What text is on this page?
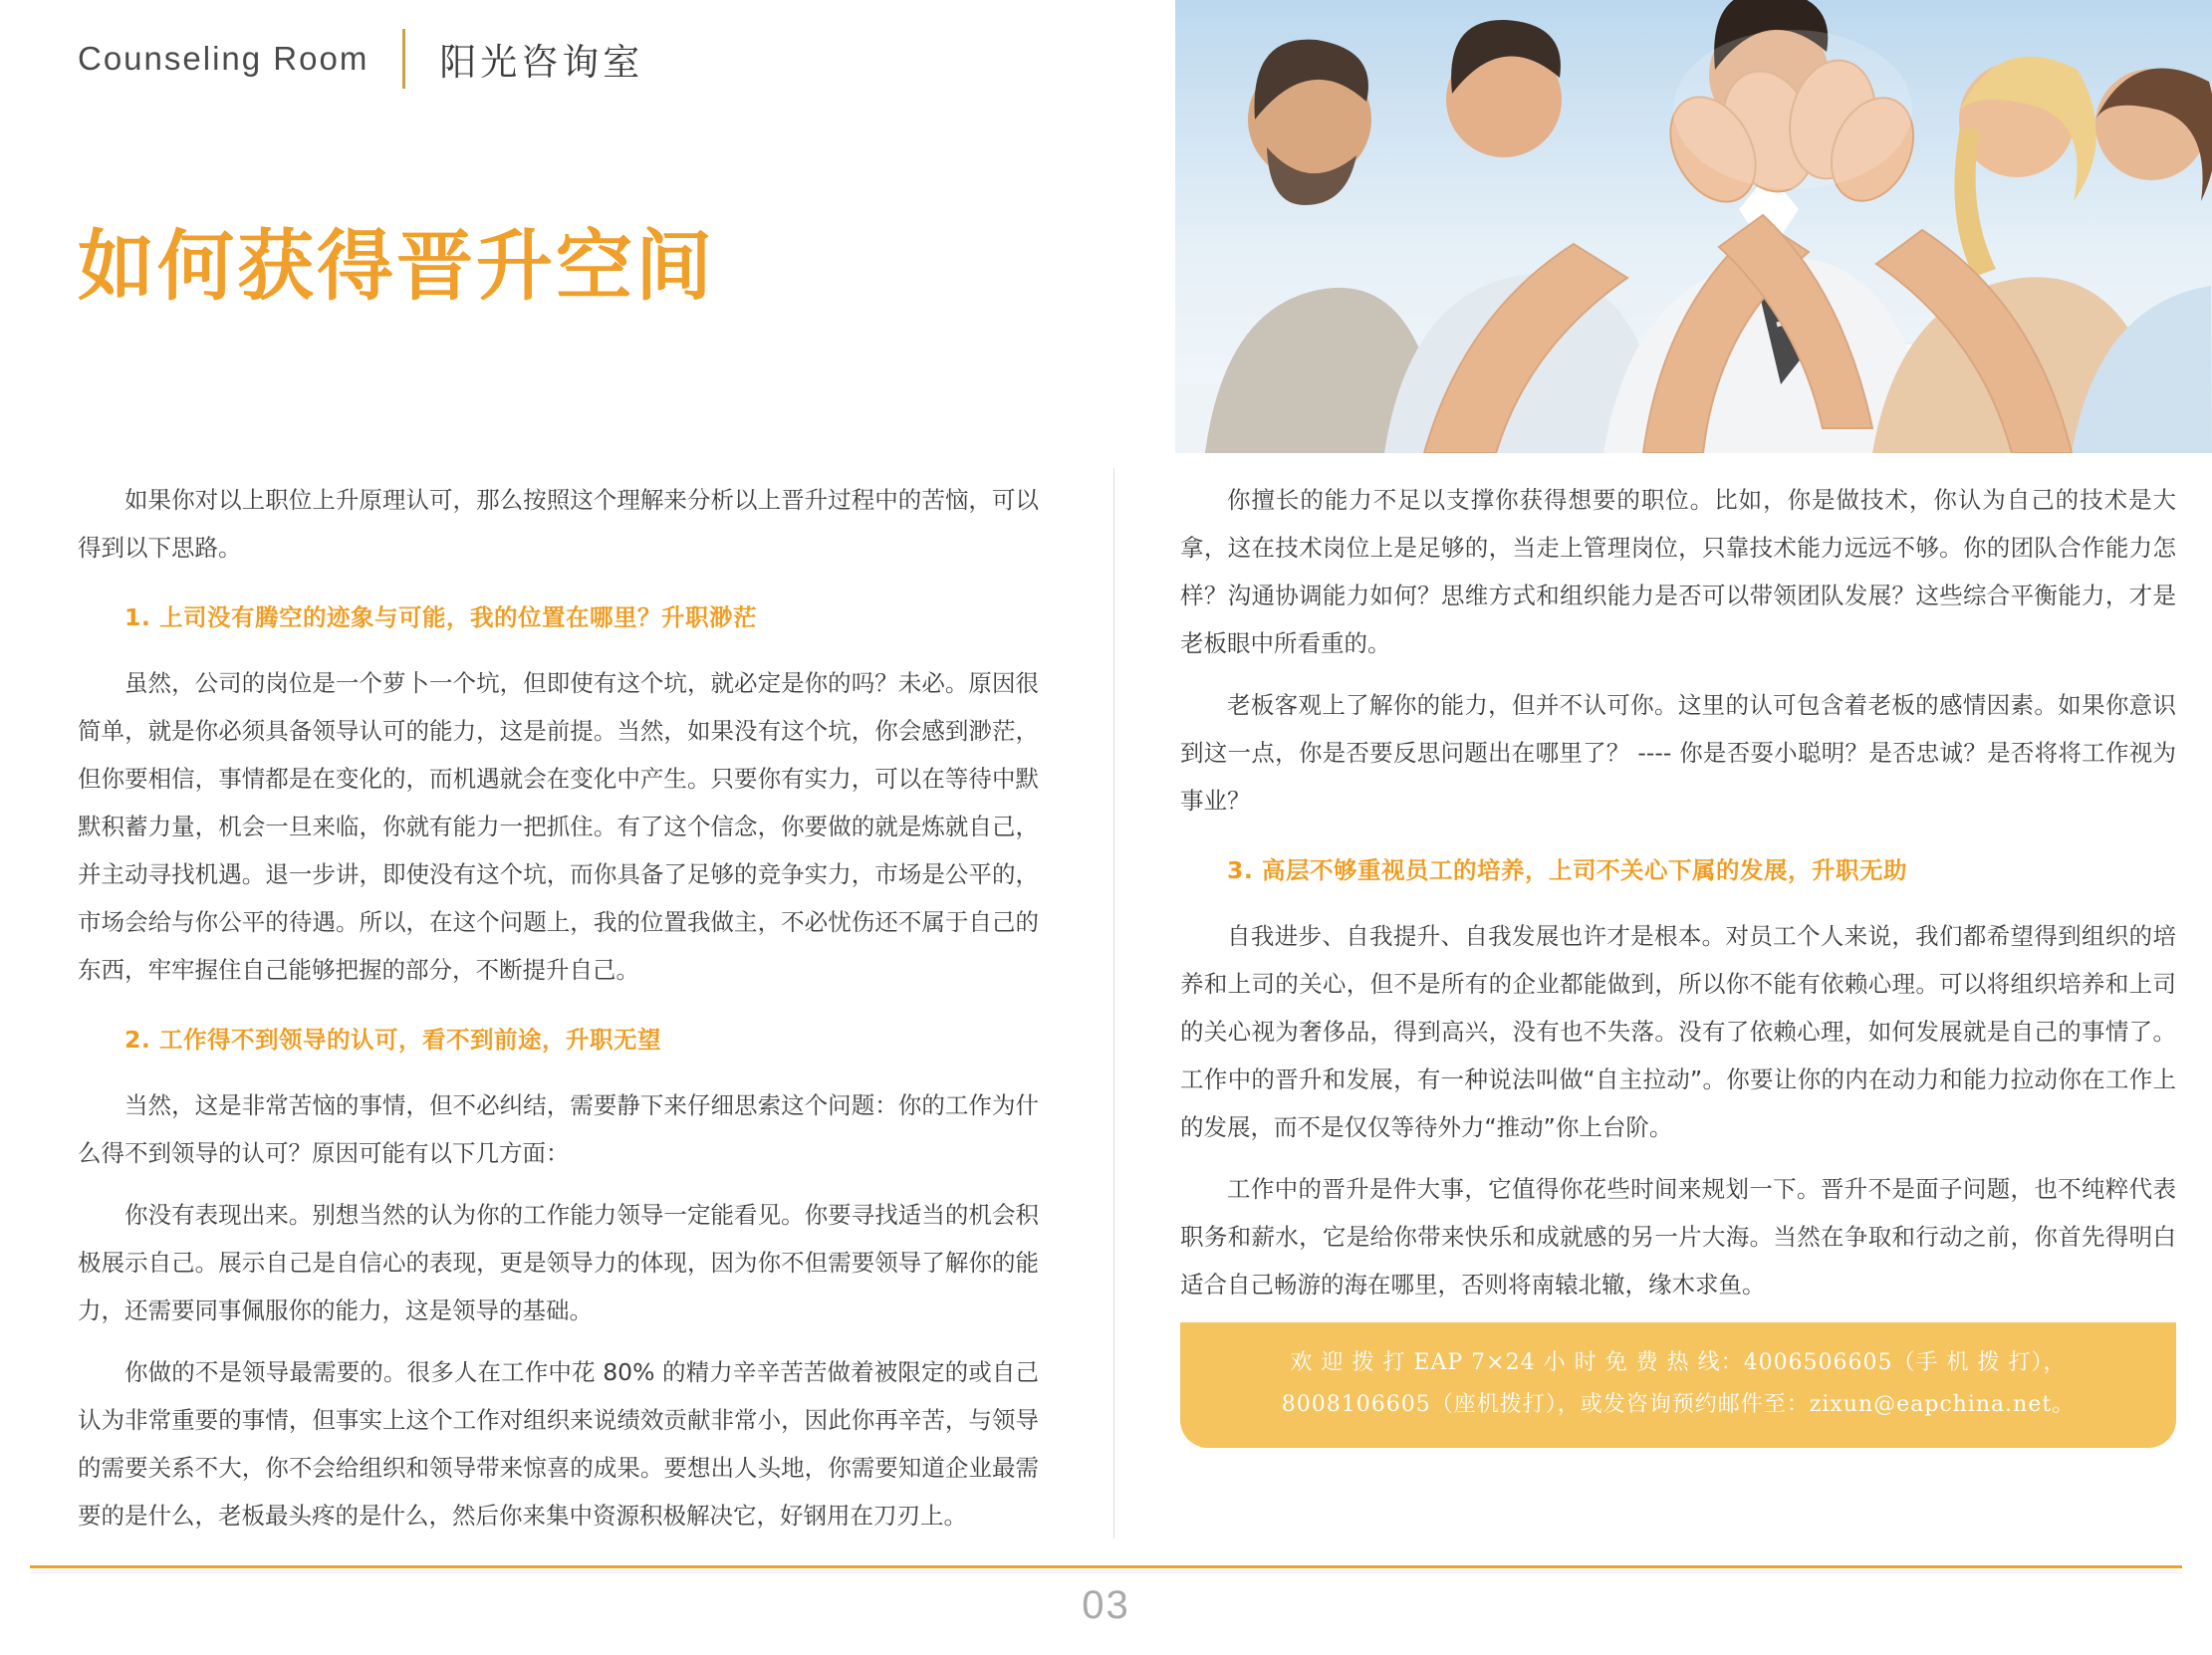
Counseling Room 阳光咨询室
如何获得晋升空间

如果你对以上职位上升原理认可，那么按照这个理解来分析以上晋升过程中的苦恼，可以得到以下思路。

1. 上司没有腾空的迹象与可能，我的位置在哪里？升职渺茫

虽然，公司的岗位是一个萝卜一个坑，但即使有这个坑，就必定是你的吗？未必。原因很简单，就是你必须具备领导认可的能力，这是前提。当然，如果没有这个坑，你会感到渺茫，但你要相信，事情都是在变化的，而机遇就会在变化中产生。只要你有实力，可以在等待中默默积蓄力量，机会一旦来临，你就有能力一把抓住。有了这个信念，你要做的就是炼就自己，并主动寻找机遇。退一步讲，即使没有这个坑，而你具备了足够的竞争实力，市场是公平的，市场会给与你公平的待遇。所以，在这个问题上，我的位置我做主，不必忧伤还不属于自己的东西，牢牢握住自己能够把握的部分，不断提升自己。

2. 工作得不到领导的认可，看不到前途，升职无望

当然，这是非常苦恼的事情，但不必纠结，需要静下来仔细思索这个问题：你的工作为什么得不到领导的认可？原因可能有以下几方面：

你没有表现出来。别想当然的认为你的工作能力领导一定能看见。你要寻找适当的机会积极展示自己。展示自己是自信心的表现，更是领导力的体现，因为你不但需要领导了解你的能力，还需要同事佩服你的能力，这是领导的基础。

你做的不是领导最需要的。很多人在工作中花 80% 的精力辛辛苦苦做着被限定的或自己认为非常重要的事情，但事实上这个工作对组织来说绩效贡献非常小，因此你再辛苦，与领导的需要关系不大，你不会给组织和领导带来惊喜的成果。要想出人头地，你需要知道企业最需要的是什么，老板最头疼的是什么，然后你来集中资源积极解决它，好钢用在刀刃上。

你擅长的能力不足以支撑你获得想要的职位。比如，你是做技术，你认为自己的技术是大拿，这在技术岗位上是足够的，当走上管理岗位，只靠技术能力远远不够。你的团队合作能力怎样？沟通协调能力如何？思维方式和组织能力是否可以带领团队发展？这些综合平衡能力，才是老板眼中所看重的。

老板客观上了解你的能力，但并不认可你。这里的认可包含着老板的感情因素。如果你意识到这一点，你是否要反思问题出在哪里了？ ---- 你是否耍小聪明？是否忠诚？是否将将工作视为事业？

3. 高层不够重视员工的培养，上司不关心下属的发展，升职无助

自我进步、自我提升、自我发展也许才是根本。对员工个人来说，我们都希望得到组织的培养和上司的关心，但不是所有的企业都能做到，所以你不能有依赖心理。可以将组织培养和上司的关心视为奢侈品，得到高兴，没有也不失落。没有了依赖心理，如何发展就是自己的事情了。工作中的晋升和发展，有一种说法叫做“自主拉动”。你要让你的内在动力和能力拉动你在工作上的发展，而不是仅仅等待外力“推动”你上台阶。

工作中的晋升是件大事，它值得你花些时间来规划一下。晋升不是面子问题，也不纯粹代表职务和薪水，它是给你带来快乐和成就感的另一片大海。当然在争取和行动之前，你首先得明白适合自己畅游的海在哪里，否则将南辕北辙，缘木求鱼。

欢 迎 拨 打 EAP 7×24 小 时 免 费 热 线：4006506605（手 机 拨 打），
8008106605（座机拨打），或发咨询预约邮件至：zixun@eapchina.net。
03
